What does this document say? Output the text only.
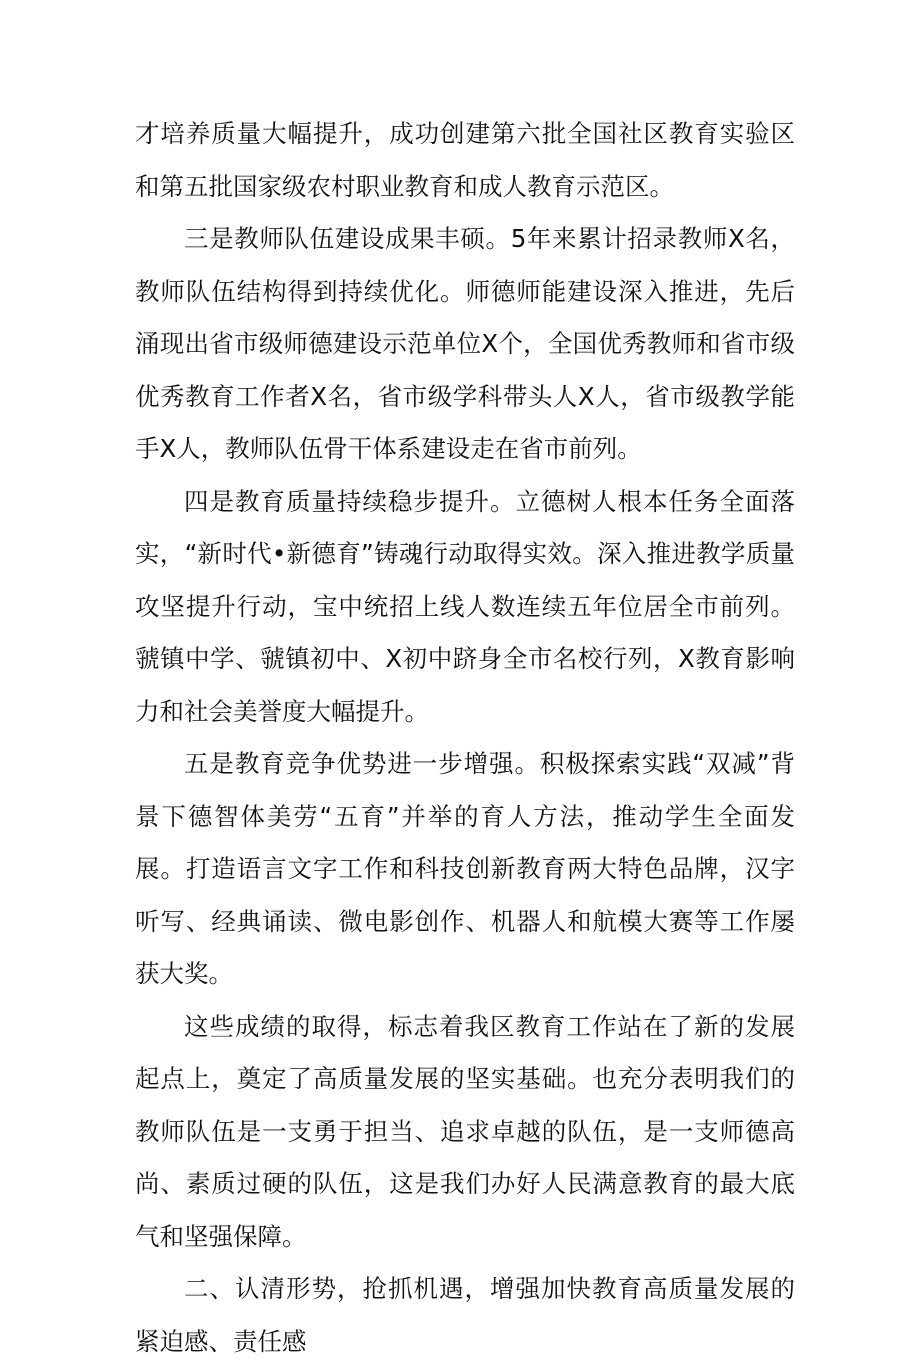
才培养质量大幅提升，成功创建第六批全国社区教育实验区和第五批国家级农村职业教育和成人教育示范区。

三是教师队伍建设成果丰硕。5年来累计招录教师X名，教师队伍结构得到持续优化。师德师能建设深入推进，先后涌现出省市级师德建设示范单位X个，全国优秀教师和省市级优秀教育工作者X名，省市级学科带头人X人，省市级教学能手X人，教师队伍骨干体系建设走在省市前列。

四是教育质量持续稳步提升。立德树人根本任务全面落实，“新时代•新德育”铸魂行动取得实效。深入推进教学质量攻坚提升行动，宝中统招上线人数连续五年位居全市前列。虢镇中学、虢镇初中、X初中跻身全市名校行列，X教育影响力和社会美誉度大幅提升。

五是教育竞争优势进一步增强。积极探索实践“双减”背景下德智体美劳“五育”并举的育人方法，推动学生全面发展。打造语言文字工作和科技创新教育两大特色品牌，汉字听写、经典诵读、微电影创作、机器人和航模大赛等工作屡获大奖。

这些成绩的取得，标志着我区教育工作站在了新的发展起点上，奠定了高质量发展的坚实基础。也充分表明我们的教师队伍是一支勇于担当、追求卓越的队伍，是一支师德高尚、素质过硬的队伍，这是我们办好人民满意教育的最大底气和坚强保障。

二、认清形势，抢抓机遇，增强加快教育高质量发展的紧迫感、责任感
